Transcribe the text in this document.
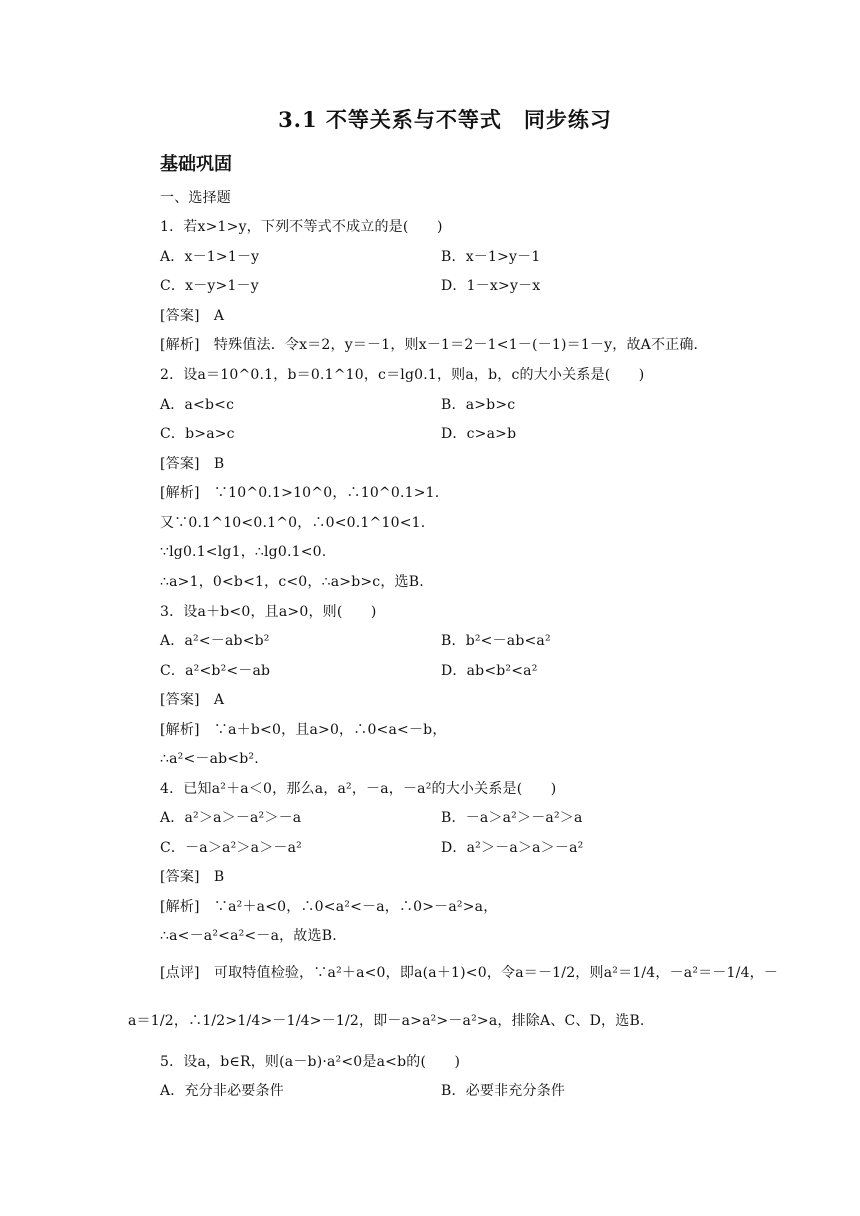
3.1 不等关系与不等式　同步练习
基础巩固
一、选择题
1．若x>1>y，下列不等式不成立的是(　　)
A．x－1>1－y	B．x－1>y－1
C．x－y>1－y	D．1－x>y－x
[答案]　A
[解析]　特殊值法．令x＝2，y＝－1，则x－1＝2－1<1－(－1)＝1－y，故A不正确．
2．设a＝10^0.1，b＝0.1^10，c＝lg0.1，则a，b，c的大小关系是(　　)
A．a<b<c	B．a>b>c
C．b>a>c	D．c>a>b
[答案]　B
[解析]　∵10^0.1>10^0，∴10^0.1>1.
又∵0.1^10<0.1^0，∴0<0.1^10<1.
∵lg0.1<lg1，∴lg0.1<0.
∴a>1，0<b<1，c<0，∴a>b>c，选B.
3．设a＋b<0，且a>0，则(　　)
A．a²<－ab<b²	B．b²<－ab<a²
C．a²<b²<－ab	D．ab<b²<a²
[答案]　A
[解析]　∵a＋b<0，且a>0，∴0<a<－b，
∴a²<－ab<b².
4．已知a²＋a＜0，那么a，a²，－a，－a²的大小关系是(　　)
A．a²＞a＞－a²＞－a	B．－a＞a²＞－a²＞a
C．－a＞a²＞a＞－a²	D．a²＞－a＞a＞－a²
[答案]　B
[解析]　∵a²＋a<0，∴0<a²<－a，∴0>－a²>a，
∴a<－a²<a²<－a，故选B.
[点评]　可取特值检验，∵a²＋a<0，即a(a＋1)<0，令a＝－1/2，则a²＝1/4，－a²＝－1/4，－
a＝1/2，∴1/2>1/4>－1/4>－1/2，即－a>a²>－a²>a，排除A、C、D，选B.
5．设a，b∈R，则(a－b)·a²<0是a<b的(　　)
A．充分非必要条件	B．必要非充分条件
